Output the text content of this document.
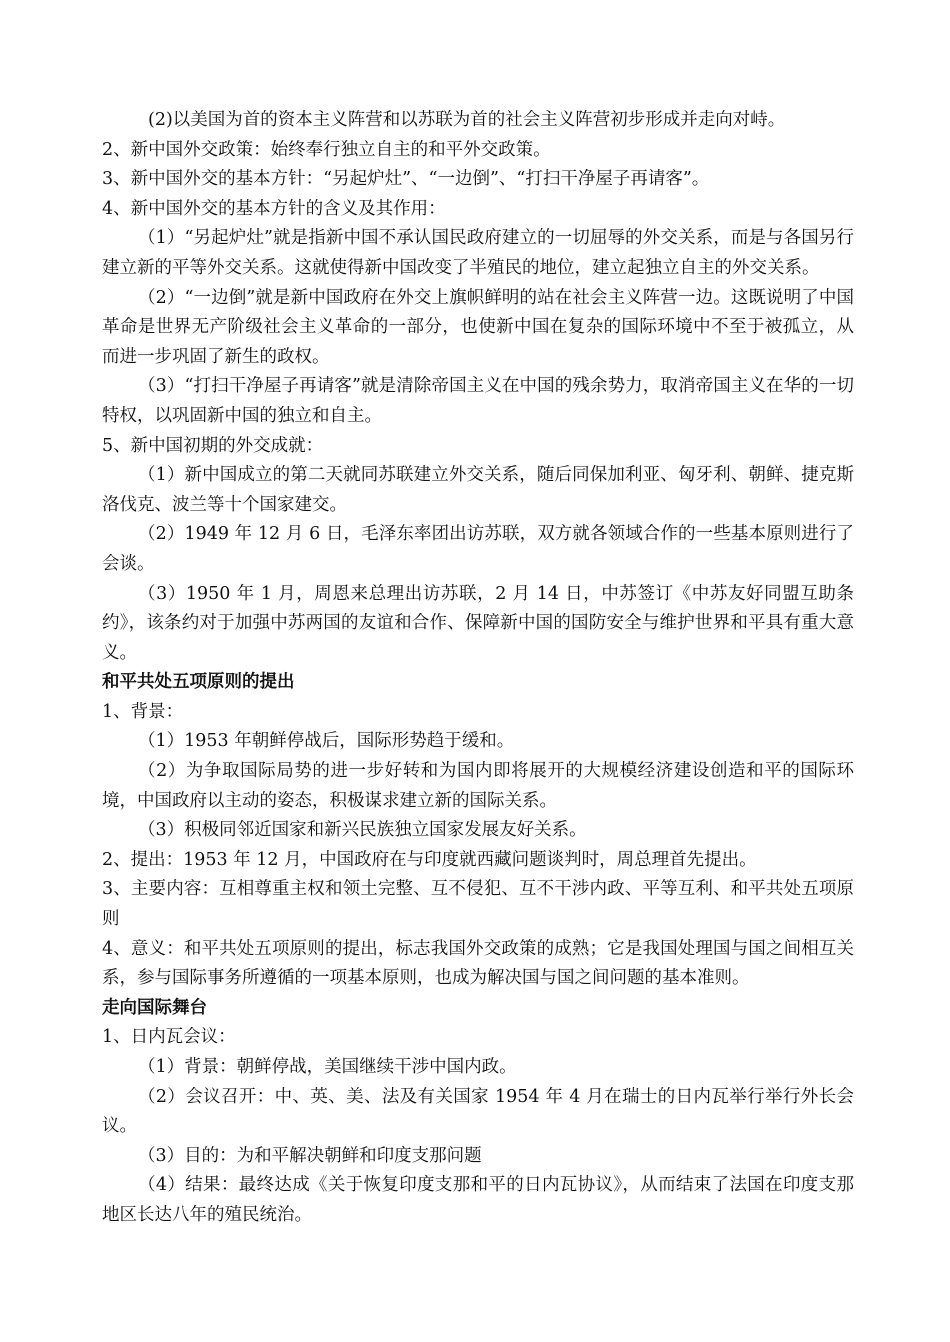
(2)以美国为首的资本主义阵营和以苏联为首的社会主义阵营初步形成并走向对峙。

2、新中国外交政策：始终奉行独立自主的和平外交政策。

3、新中国外交的基本方针：“另起炉灶”、“一边倒”、“打扫干净屋子再请客”。

4、新中国外交的基本方针的含义及其作用：

（1）“另起炉灶”就是指新中国不承认国民政府建立的一切屈辱的外交关系，而是与各国另行建立新的平等外交关系。这就使得新中国改变了半殖民的地位，建立起独立自主的外交关系。

（2）“一边倒”就是新中国政府在外交上旗帜鲜明的站在社会主义阵营一边。这既说明了中国革命是世界无产阶级社会主义革命的一部分，也使新中国在复杂的国际环境中不至于被孤立，从而进一步巩固了新生的政权。

（3）“打扫干净屋子再请客”就是清除帝国主义在中国的残余势力，取消帝国主义在华的一切特权，以巩固新中国的独立和自主。

5、新中国初期的外交成就：

（1）新中国成立的第二天就同苏联建立外交关系，随后同保加利亚、匈牙利、朝鲜、捷克斯洛伐克、波兰等十个国家建交。

（2）1949 年 12 月 6 日，毛泽东率团出访苏联，双方就各领域合作的一些基本原则进行了会谈。

（3）1950 年 1 月，周恩来总理出访苏联，2 月 14 日，中苏签订《中苏友好同盟互助条约》，该条约对于加强中苏两国的友谊和合作、保障新中国的国防安全与维护世界和平具有重大意义。

和平共处五项原则的提出

1、背景：

（1）1953 年朝鲜停战后，国际形势趋于缓和。

（2）为争取国际局势的进一步好转和为国内即将展开的大规模经济建设创造和平的国际环境，中国政府以主动的姿态，积极谋求建立新的国际关系。

（3）积极同邻近国家和新兴民族独立国家发展友好关系。

2、提出：1953 年 12 月，中国政府在与印度就西藏问题谈判时，周总理首先提出。

3、主要内容：互相尊重主权和领土完整、互不侵犯、互不干涉内政、平等互利、和平共处五项原则

4、意义：和平共处五项原则的提出，标志我国外交政策的成熟；它是我国处理国与国之间相互关系，参与国际事务所遵循的一项基本原则，也成为解决国与国之间问题的基本准则。

走向国际舞台

1、日内瓦会议：

（1）背景：朝鲜停战，美国继续干涉中国内政。

（2）会议召开：中、英、美、法及有关国家 1954 年 4 月在瑞士的日内瓦举行举行外长会议。

（3）目的：为和平解决朝鲜和印度支那问题

（4）结果：最终达成《关于恢复印度支那和平的日内瓦协议》，从而结束了法国在印度支那地区长达八年的殖民统治。
